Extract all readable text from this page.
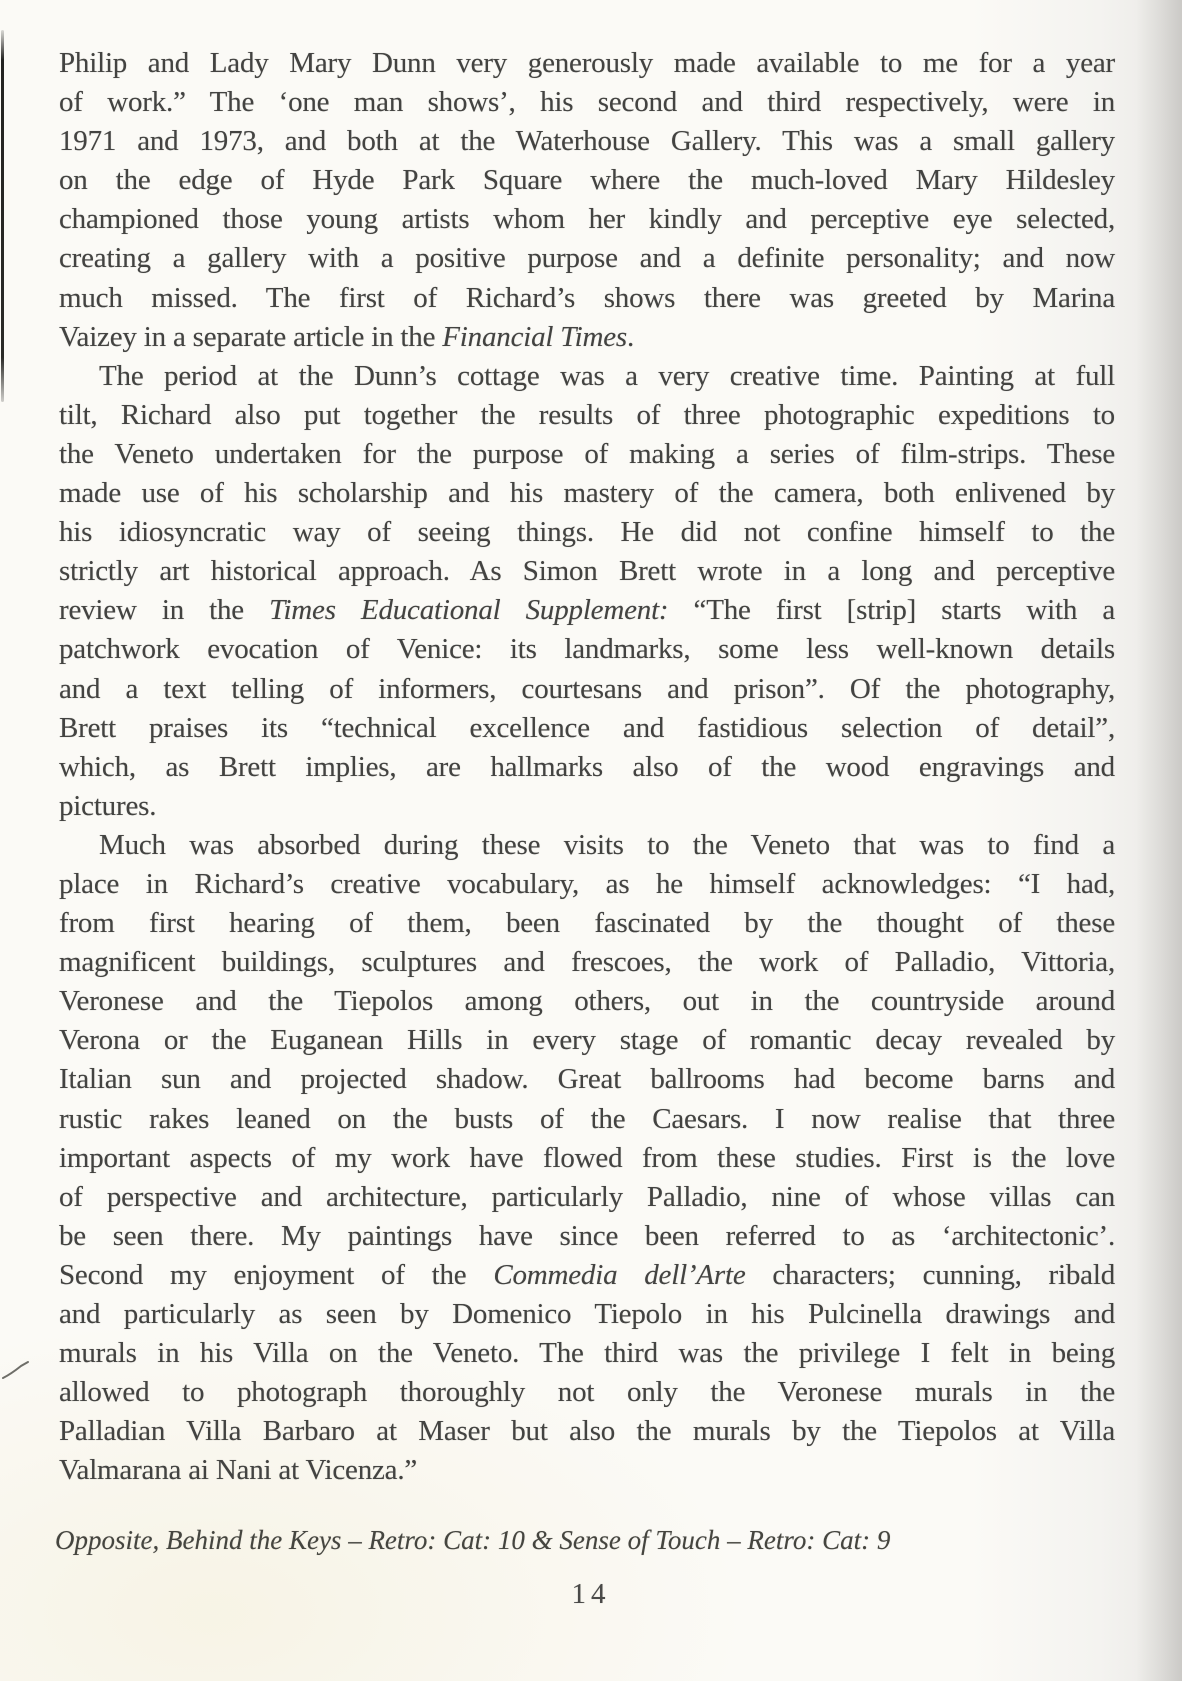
Philip and Lady Mary Dunn very generously made available to me for a year
of work.” The ‘one man shows’, his second and third respectively, were in
1971 and 1973, and both at the Waterhouse Gallery. This was a small gallery
on the edge of Hyde Park Square where the much-loved Mary Hildesley
championed those young artists whom her kindly and perceptive eye selected,
creating a gallery with a positive purpose and a definite personality; and now
much missed. The first of Richard’s shows there was greeted by Marina
Vaizey in a separate article in the Financial Times.
The period at the Dunn’s cottage was a very creative time. Painting at full
tilt, Richard also put together the results of three photographic expeditions to
the Veneto undertaken for the purpose of making a series of film-strips. These
made use of his scholarship and his mastery of the camera, both enlivened by
his idiosyncratic way of seeing things. He did not confine himself to the
strictly art historical approach. As Simon Brett wrote in a long and perceptive
review in the Times Educational Supplement: “The first [strip] starts with a
patchwork evocation of Venice: its landmarks, some less well-known details
and a text telling of informers, courtesans and prison”. Of the photography,
Brett praises its “technical excellence and fastidious selection of detail”,
which, as Brett implies, are hallmarks also of the wood engravings and
pictures.
Much was absorbed during these visits to the Veneto that was to find a
place in Richard’s creative vocabulary, as he himself acknowledges: “I had,
from first hearing of them, been fascinated by the thought of these
magnificent buildings, sculptures and frescoes, the work of Palladio, Vittoria,
Veronese and the Tiepolos among others, out in the countryside around
Verona or the Euganean Hills in every stage of romantic decay revealed by
Italian sun and projected shadow. Great ballrooms had become barns and
rustic rakes leaned on the busts of the Caesars. I now realise that three
important aspects of my work have flowed from these studies. First is the love
of perspective and architecture, particularly Palladio, nine of whose villas can
be seen there. My paintings have since been referred to as ‘architectonic’.
Second my enjoyment of the Commedia dell’Arte characters; cunning, ribald
and particularly as seen by Domenico Tiepolo in his Pulcinella drawings and
murals in his Villa on the Veneto. The third was the privilege I felt in being
allowed to photograph thoroughly not only the Veronese murals in the
Palladian Villa Barbaro at Maser but also the murals by the Tiepolos at Villa
Valmarana ai Nani at Vicenza.”
Opposite, Behind the Keys – Retro: Cat: 10 & Sense of Touch – Retro: Cat: 9
14
